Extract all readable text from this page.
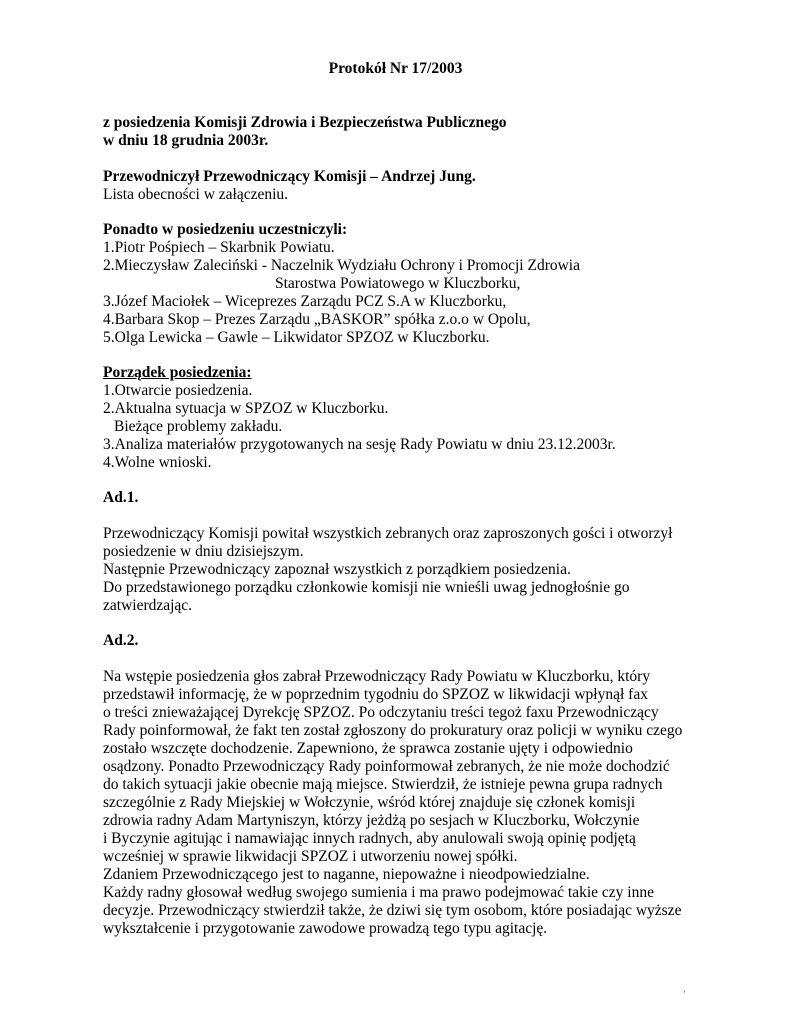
Protokół Nr 17/2003
z posiedzenia Komisji Zdrowia i Bezpieczeństwa Publicznego
w dniu 18 grudnia 2003r.
Przewodniczył Przewodniczący Komisji – Andrzej Jung.
Lista obecności w załączeniu.
Ponadto w posiedzeniu uczestniczyli:
1.Piotr Pośpiech – Skarbnik Powiatu.
2.Mieczysław Zaleciński - Naczelnik Wydziału Ochrony i Promocji Zdrowia
Starostwa Powiatowego w Kluczborku,
3.Józef Maciołek – Wiceprezes Zarządu PCZ S.A w Kluczborku,
4.Barbara Skop – Prezes Zarządu „BASKOR” spółka z.o.o w Opolu,
5.Olga Lewicka – Gawle – Likwidator SPZOZ w Kluczborku.
Porządek posiedzenia:
1.Otwarcie posiedzenia.
2.Aktualna sytuacja w SPZOZ w Kluczborku.
Bieżące problemy zakładu.
3.Analiza materiałów przygotowanych na sesję Rady Powiatu w dniu 23.12.2003r.
4.Wolne wnioski.
Ad.1.
Przewodniczący Komisji powitał wszystkich zebranych oraz zaproszonych gości i otworzył
posiedzenie w dniu dzisiejszym.
Następnie Przewodniczący zapoznał wszystkich z porządkiem posiedzenia.
Do przedstawionego porządku członkowie komisji nie wnieśli uwag jednogłośnie go
zatwierdzając.
Ad.2.
Na wstępie posiedzenia głos zabrał Przewodniczący Rady Powiatu w Kluczborku, który
przedstawił informację, że w poprzednim tygodniu do SPZOZ w likwidacji wpłynął fax
o treści znieważającej Dyrekcję SPZOZ. Po odczytaniu treści tegoż faxu Przewodniczący
Rady poinformował, że fakt ten został zgłoszony do prokuratury oraz policji w wyniku czego
zostało wszczęte dochodzenie. Zapewniono, że sprawca zostanie ujęty i odpowiednio
osądzony. Ponadto Przewodniczący Rady poinformował zebranych, że nie może dochodzić
do takich sytuacji jakie obecnie mają miejsce. Stwierdził, że istnieje pewna grupa radnych
szczególnie z Rady Miejskiej w Wołczynie, wśród której znajduje się członek komisji
zdrowia radny Adam Martyniszyn, którzy jeżdżą po sesjach w Kluczborku, Wołczynie
i Byczynie agitując i namawiając innych radnych, aby anulowali swoją opinię podjętą
wcześniej w sprawie likwidacji SPZOZ i utworzeniu nowej spółki.
Zdaniem Przewodniczącego jest to naganne, niepoważne i nieodpowiedzialne.
Każdy radny głosował według swojego sumienia i ma prawo podejmować takie czy inne
decyzje. Przewodniczący stwierdził także, że dziwi się tym osobom, które posiadając wyższe
wykształcenie i przygotowanie zawodowe prowadzą tego typu agitację.
ˈ
